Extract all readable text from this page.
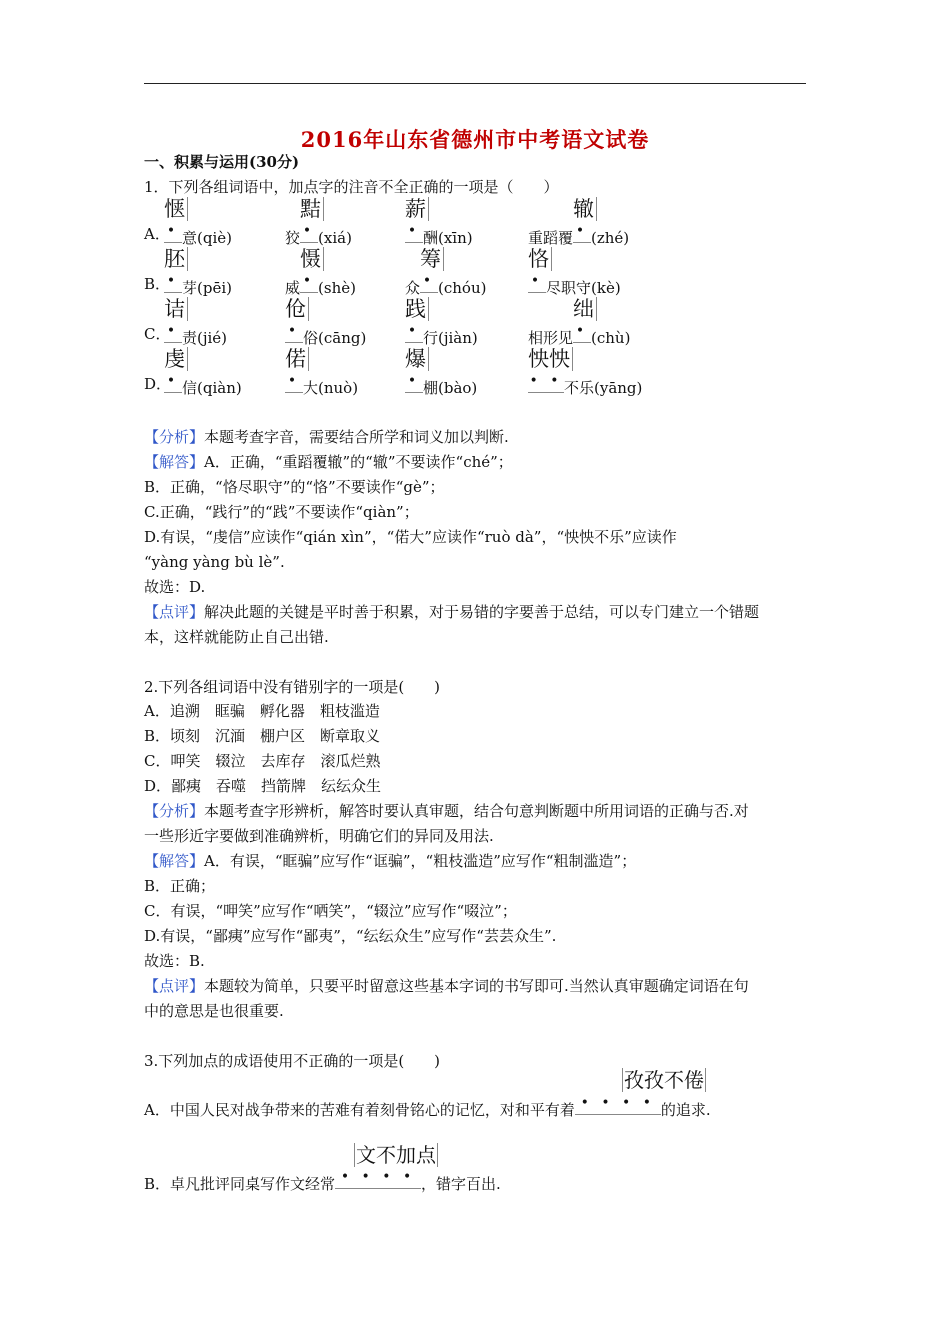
2016年山东省德州市中考语文试卷
一、积累与运用(30分)
1．下列各组词语中，加点字的注音不全正确的一项是（　　）
A．
• 意(qiè)
惬
狡 • (xiá)
黠
• 酬(xīn)
薪
重蹈覆 • (zhé)
辙
B．
• 芽(pēi)
胚
威 • (shè)
慑
众 • (chóu)
筹
• 尽职守(kè)
恪
C．
• 责(jié)
诘
• 俗(cāng)
伧
• 行(jiàn)
践
相形见 • (chù)
绌
D．
• 信(qiàn)
虔
• 大(nuò)
偌
• 棚(bào)
爆
• • 不乐(yāng)
怏怏
【分析】本题考查字音，需要结合所学和词义加以判断.
【解答】A．正确，“重蹈覆辙”的“辙”不要读作“ché”；
B．正确，“恪尽职守”的“恪”不要读作“gè”；
C.正确，“践行”的“践”不要读作“qiàn”；
D.有误，“虔信”应读作“qián xìn”，“偌大”应读作“ruò dà”，“怏怏不乐”应读作
“yàng yàng bù lè”.
故选：D.
【点评】解决此题的关键是平时善于积累，对于易错的字要善于总结，可以专门建立一个错题
本，这样就能防止自己出错.
2.下列各组词语中没有错别字的一项是(　　)
A．追溯　眶骗　孵化器　粗枝滥造
B．顷刻　沉湎　棚户区　断章取义
C．呷笑　辍泣　去库存　滚瓜烂熟
D．鄙痍　吞噬　挡箭牌　纭纭众生
【分析】本题考查字形辨析，解答时要认真审题，结合句意判断题中所用词语的正确与否.对
一些形近字要做到准确辨析，明确它们的异同及用法.
【解答】A．有误，“眶骗”应写作“诓骗”，“粗枝滥造”应写作“粗制滥造”；
B．正确；
C．有误，“呷笑”应写作“哂笑”，“辍泣”应写作“啜泣”；
D.有误，“鄙痍”应写作“鄙夷”，“纭纭众生”应写作“芸芸众生”.
故选：B.
【点评】本题较为简单，只要平时留意这些基本字词的书写即可.当然认真审题确定词语在句
中的意思是也很重要.
3.下列加点的成语使用不正确的一项是(　　)
孜孜不倦
A．中国人民对战争带来的苦难有着刻骨铭心的记忆，对和平有着 • • • • 的追求.
文不加点
B．卓凡批评同桌写作文经常 • • • • ，错字百出.
